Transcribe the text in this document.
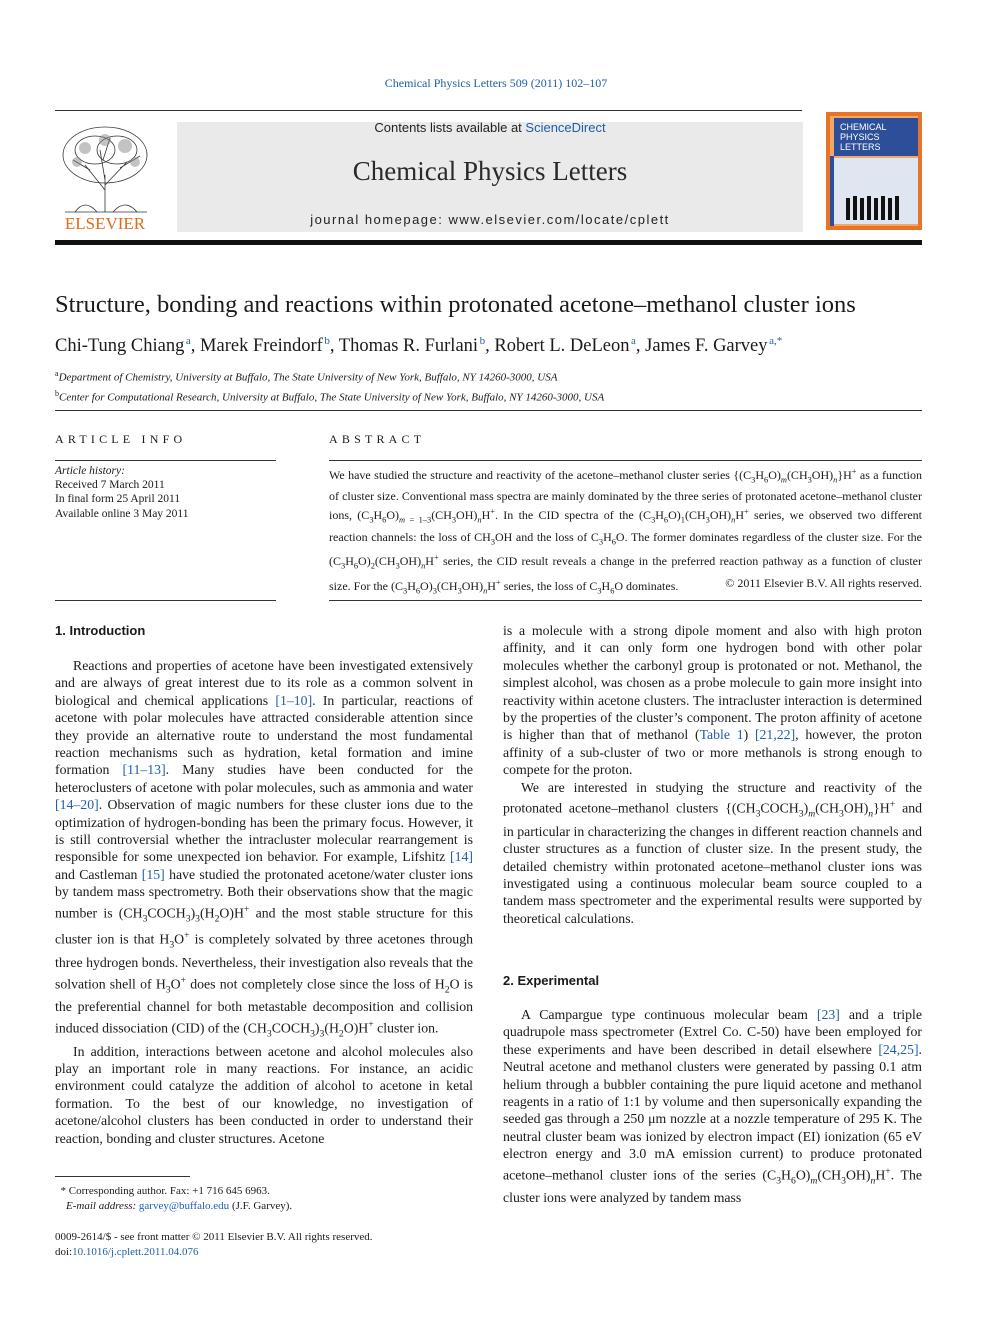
Chemical Physics Letters 509 (2011) 102–107
ELSEVIER
Contents lists available at ScienceDirect
Chemical Physics Letters
journal homepage: www.elsevier.com/locate/cplett
CHEMICAL
PHYSICS
LETTERS
Structure, bonding and reactions within protonated acetone–methanol cluster ions
Chi-Tung Chiang  $^a$, Marek Freindorf  $^b$, Thomas R. Furlani  $^b$, Robert L. DeLeon  $^a$, James F. Garvey  $^{a,*}$
$^a$Department of Chemistry, University at Buffalo, The State University of New York, Buffalo, NY 14260-3000, USA
$^b$Center for Computational Research, University at Buffalo, The State University of New York, Buffalo, NY 14260-3000, USA
ARTICLE INFO	ABSTRACT
Article history:
Received 7 March 2011
In final form 25 April 2011
Available online 3 May 2011
We have studied the structure and reactivity of the acetone–methanol cluster series $\{(C_3H_6O)_m(CH_3OH)_n\}H^+$ as a function of cluster size. Conventional mass spectra are mainly dominated by the three series of protonated acetone–methanol cluster ions, $(C_3H_6O)_{m = 1-3}(CH_3OH)_nH^+$. In the CID spectra of the $(C_3H_6O)_1(CH_3OH)_nH^+$ series, we observed two different reaction channels: the loss of $CH_3OH$ and the loss of $C_3H_6O$. The former dominates regardless of the cluster size. For the $(C_3H_6O)_2(CH_3OH)_nH^+$ series, the CID result reveals a change in the preferred reaction pathway as a function of cluster size. For the $(C_3H_6O)_3(CH_3OH)_nH^+$ series, the loss of $C_3H_6O$ dominates.	© 2011 Elsevier B.V. All rights reserved.
1. Introduction

Reactions and properties of acetone have been investigated extensively and are always of great interest due to its role as a common solvent in biological and chemical applications [1–10]. In particular, reactions of acetone with polar molecules have attracted considerable attention since they provide an alternative route to understand the most fundamental reaction mechanisms such as hydration, ketal formation and imine formation [11–13]. Many studies have been conducted for the heteroclusters of acetone with polar molecules, such as ammonia and water [14–20]. Observation of magic numbers for these cluster ions due to the optimization of hydrogen-bonding has been the primary focus. However, it is still controversial whether the intracluster molecular rearrangement is responsible for some unexpected ion behavior. For example, Lifshitz [14] and Castleman [15] have studied the protonated acetone/water cluster ions by tandem mass spectrometry. Both their observations show that the magic number is $(CH_3COCH_3)_3(H_2O)H^+$ and the most stable structure for this cluster ion is that $H_3O^+$ is completely solvated by three acetones through three hydrogen bonds. Nevertheless, their investigation also reveals that the solvation shell of $H_3O^+$ does not completely close since the loss of $H_2O$ is the preferential channel for both metastable decomposition and collision induced dissociation (CID) of the $(CH_3COCH_3)_3(H_2O)H^+$ cluster ion.

In addition, interactions between acetone and alcohol molecules also play an important role in many reactions. For instance, an acidic environment could catalyze the addition of alcohol to acetone in ketal formation. To the best of our knowledge, no investigation of acetone/alcohol clusters has been conducted in order to understand their reaction, bonding and cluster structures. Acetone

is a molecule with a strong dipole moment and also with high proton affinity, and it can only form one hydrogen bond with other polar molecules whether the carbonyl group is protonated or not. Methanol, the simplest alcohol, was chosen as a probe molecule to gain more insight into reactivity within acetone clusters. The intracluster interaction is determined by the properties of the cluster’s component. The proton affinity of acetone is higher than that of methanol (Table 1) [21,22], however, the proton affinity of a sub-cluster of two or more methanols is strong enough to compete for the proton.

We are interested in studying the structure and reactivity of the protonated acetone–methanol clusters $\{(CH_3COCH_3)_m(CH_3OH)_n\}H^+$ and in particular in characterizing the changes in different reaction channels and cluster structures as a function of cluster size. In the present study, the detailed chemistry within protonated acetone–methanol cluster ions was investigated using a continuous molecular beam source coupled to a tandem mass spectrometer and the experimental results were supported by theoretical calculations.

2. Experimental

A Campargue type continuous molecular beam [23] and a triple quadrupole mass spectrometer (Extrel Co. C-50) have been employed for these experiments and have been described in detail elsewhere [24,25]. Neutral acetone and methanol clusters were generated by passing 0.1 atm helium through a bubbler containing the pure liquid acetone and methanol reagents in a ratio of 1:1 by volume and then supersonically expanding the seeded gas through a 250 μm nozzle at a nozzle temperature of 295 K. The neutral cluster beam was ionized by electron impact (EI) ionization (65 eV electron energy and 3.0 mA emission current) to produce protonated acetone–methanol cluster ions of the series $(C_3H_6O)_m(CH_3OH)_nH^+$. The cluster ions were analyzed by tandem mass

* Corresponding author. Fax: +1 716 645 6963.
E-mail address: garvey@buffalo.edu (J.F. Garvey).
0009-2614/$ - see front matter © 2011 Elsevier B.V. All rights reserved.
doi:10.1016/j.cplett.2011.04.076
